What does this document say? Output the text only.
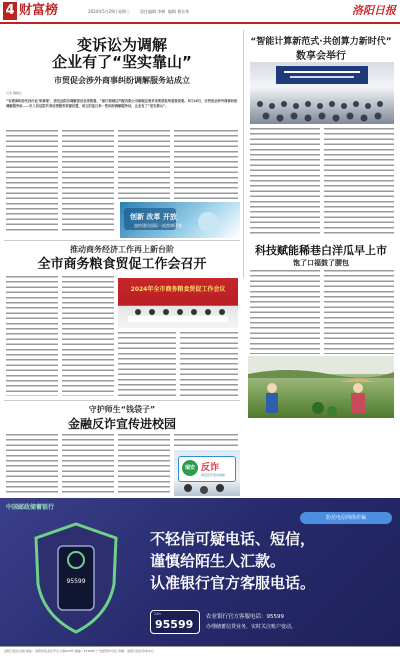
4 财富榜	2024年5月29日 星期三	责任编辑 李树 编辑 曹宏伟	洛阳日报
变诉讼为调解
企业有了“坚实靠山”
市贸促会涉外商事纠纷调解服务站成立
记者 魏敏达
“有商事纠纷先找行业‘和事佬’，我们法院有调解委员会来帮着。”浙江柯城区汽配有限公司副理总要求来要联系所需要说明。5月16日，市贸促会涉外商事纠纷调解服务站……市人民法院共享法律服务资源设置，成立的连日来一些纠纷调解服务站，企业有了“坚实靠山”。
创新 改革 开放
加快建设国际一流营商环境
“智能计算新范式·共创算力新时代”
数享会举行
推动商务经济工作再上新台阶
全市商务粮食贸促工作会召开
2024年全市商务粮食贸促工作会议
科技赋能稀巷白洋瓜早上市
饱了口福鼓了腰包
守护师生“钱袋子”
金融反诈宣传进校园
瑞安 反诈
同安县平安共同体
中国邮政储蓄银行
95599
防范电信网络诈骗
不轻信可疑电话、短信，
谨慎给陌生人汇款。
认准银行官方客服电话。
24h
95599
农业银行官方客服电话：95599
办理储蓄信贷业务，实时关注账户变动。
洛阳日报社出版 地址：洛阳市洛龙区开元大道219号 邮编：471000 广告经营许可证 印刷：洛阳日报社印务中心
